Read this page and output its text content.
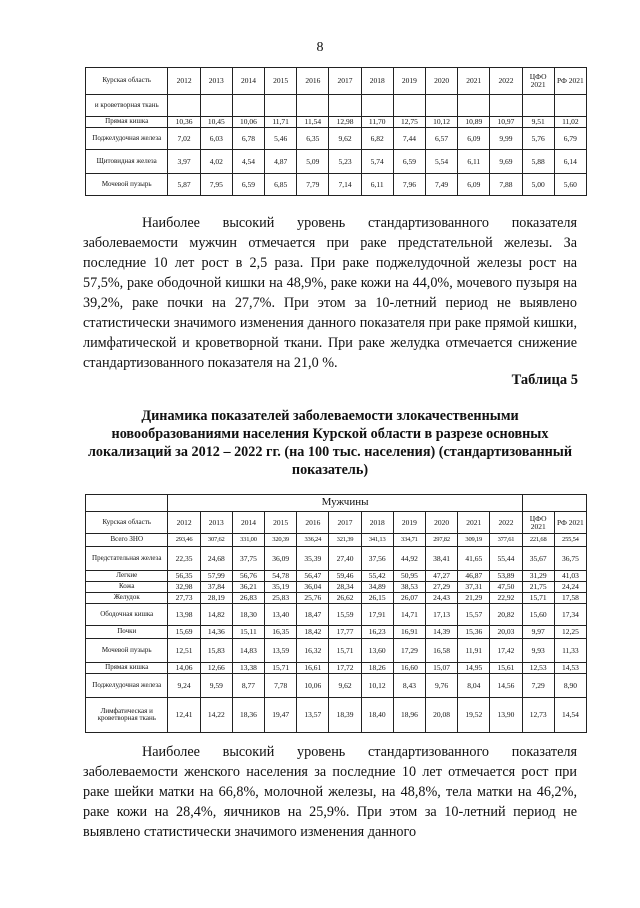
8
Курская область	2012	2013	2014	2015	2016	2017	2018	2019	2020	2021	2022	ЦФО 2021	РФ 2021
и кроветворная ткань													
Прямая кишка	10,36	10,45	10,06	11,71	11,54	12,98	11,70	12,75	10,12	10,89	10,97	9,51	11,02
Поджелудочная железа	7,02	6,03	6,78	5,46	6,35	9,62	6,82	7,44	6,57	6,09	9,99	5,76	6,79
Щитовидная железа	3,97	4,02	4,54	4,87	5,09	5,23	5,74	6,59	5,54	6,11	9,69	5,88	6,14
Мочевой пузырь	5,87	7,95	6,59	6,85	7,79	7,14	6,11	7,96	7,49	6,09	7,88	5,00	5,60

Наиболее высокий уровень стандартизованного показателя заболеваемости мужчин отмечается при раке предстательной железы. За последние 10 лет рост в 2,5 раза. При раке поджелудочной железы рост на 57,5%, раке ободочной кишки на 48,9%, раке кожи на 44,0%, мочевого пузыря на 39,2%, раке почки на 27,7%. При этом за 10-летний период не выявлено статистически значимого изменения данного показателя при раке прямой кишки, лимфатической и кроветворной ткани. При раке желудка отмечается снижение стандартизованного показателя на 21,0 %.

Таблица 5

Динамика показателей заболеваемости злокачественными новообразованиями населения Курской области в разрезе основных локализаций за 2012 – 2022 гг. (на 100 тыс. населения) (стандартизованный показатель)

	Мужчины												
Курская область	2012	2013	2014	2015	2016	2017	2018	2019	2020	2021	2022	ЦФО 2021	РФ 2021
Всего ЗНО	293,46	307,62	331,00	320,39	336,24	321,39	341,13	334,71	297,82	309,19	377,61	221,68	255,54
Предстательная железа	22,35	24,68	37,75	36,09	35,39	27,40	37,56	44,92	38,41	41,65	55,44	35,67	36,75
Легкие	56,35	57,99	56,76	54,78	56,47	59,46	55,42	50,95	47,27	46,87	53,89	31,29	41,03
Кожа	32,98	37,84	36,21	35,19	36,04	28,34	34,89	38,53	27,29	37,31	47,50	21,75	24,24
Желудок	27,73	28,19	26,83	25,83	25,76	26,62	26,15	26,07	24,43	21,29	22,92	15,71	17,58
Ободочная кишка	13,98	14,82	18,30	13,40	18,47	15,59	17,91	14,71	17,13	15,57	20,82	15,60	17,34
Почки	15,69	14,36	15,11	16,35	18,42	17,77	16,23	16,91	14,39	15,36	20,03	9,97	12,25
Мочевой пузырь	12,51	15,83	14,83	13,59	16,32	15,71	13,60	17,29	16,58	11,91	17,42	9,93	11,33
Прямая кишка	14,06	12,66	13,38	15,71	16,61	17,72	18,26	16,60	15,07	14,95	15,61	12,53	14,53
Поджелудочная железа	9,24	9,59	8,77	7,78	10,06	9,62	10,12	8,43	9,76	8,04	14,56	7,29	8,90
Лимфатическая и кроветворная ткань	12,41	14,22	18,36	19,47	13,57	18,39	18,40	18,96	20,08	19,52	13,90	12,73	14,54

Наиболее высокий уровень стандартизованного показателя заболеваемости женского населения за последние 10 лет отмечается рост при раке шейки матки на 66,8%, молочной железы, на 48,8%, тела матки на 46,2%, раке кожи на 28,4%, яичников на 25,9%. При этом за 10-летний период не выявлено статистически значимого изменения данного
